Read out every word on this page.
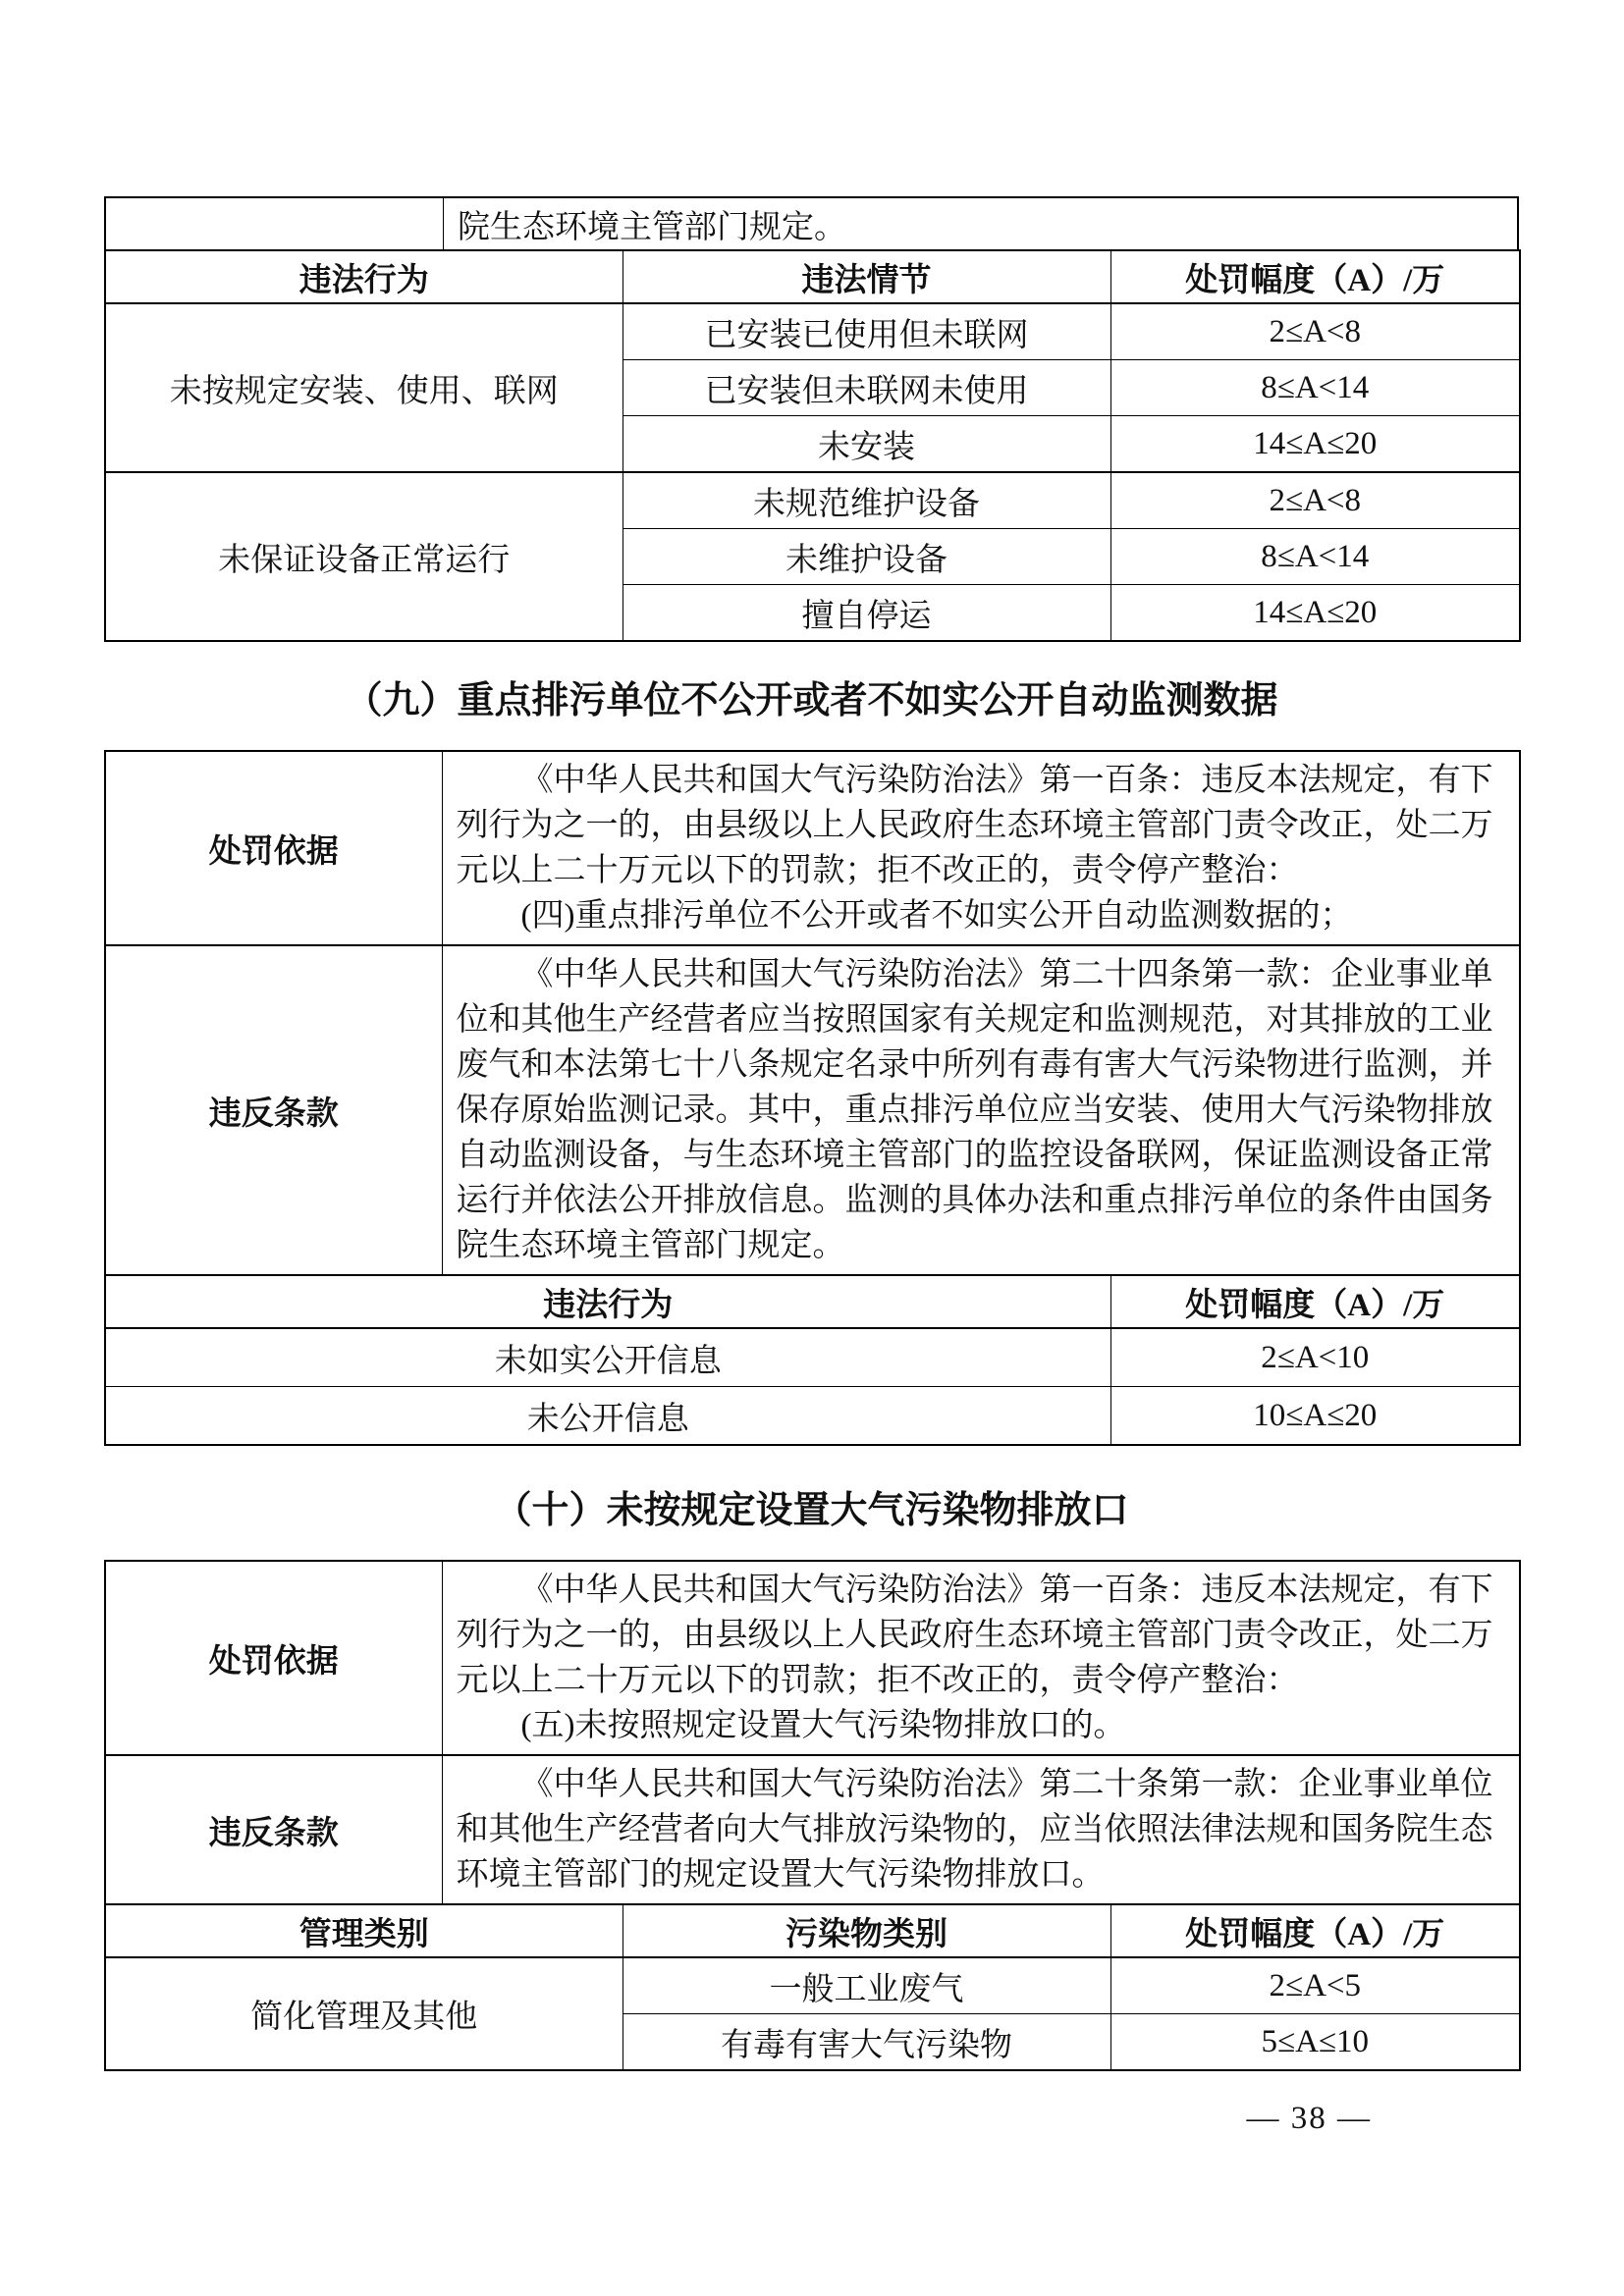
院生态环境主管部门规定。
违法行为	违法情节	处罚幅度（A）/万
未按规定安装、使用、联网	已安装已使用但未联网	2≤A<8
	已安装但未联网未使用	8≤A<14
	未安装	14≤A≤20
未保证设备正常运行	未规范维护设备	2≤A<8
	未维护设备	8≤A<14
	擅自停运	14≤A≤20
（九）重点排污单位不公开或者不如实公开自动监测数据
处罚依据	《中华人民共和国大气污染防治法》第一百条：违反本法规定，有下
列行为之一的，由县级以上人民政府生态环境主管部门责令改正，处二万
元以上二十万元以下的罚款；拒不改正的，责令停产整治：
(四)重点排污单位不公开或者不如实公开自动监测数据的；	

违反条款	
《中华人民共和国大气污染防治法》第二十四条第一款：企业事业单
位和其他生产经营者应当按照国家有关规定和监测规范，对其排放的工业
废气和本法第七十八条规定名录中所列有毒有害大气污染物进行监测，并
保存原始监测记录。其中，重点排污单位应当安装、使用大气污染物排放
自动监测设备，与生态环境主管部门的监控设备联网，保证监测设备正常
运行并依法公开排放信息。监测的具体办法和重点排污单位的条件由国务
院生态环境主管部门规定。

违法行为		处罚幅度（A）/万
未如实公开信息		2≤A<10
未公开信息		10≤A≤20
（十）未按规定设置大气污染物排放口
处罚依据	《中华人民共和国大气污染防治法》第一百条：违反本法规定，有下
列行为之一的，由县级以上人民政府生态环境主管部门责令改正，处二万
元以上二十万元以下的罚款；拒不改正的，责令停产整治：
(五)未按照规定设置大气污染物排放口的。		

违反条款	《中华人民共和国大气污染防治法》第二十条第一款：企业事业单位
和其他生产经营者向大气排放污染物的，应当依照法律法规和国务院生态
环境主管部门的规定设置大气污染物排放口。		

管理类别		污染物类别	处罚幅度（A）/万
简化管理及其他		一般工业废气	2≤A<5
		有毒有害大气污染物	5≤A≤10
— 38 —
